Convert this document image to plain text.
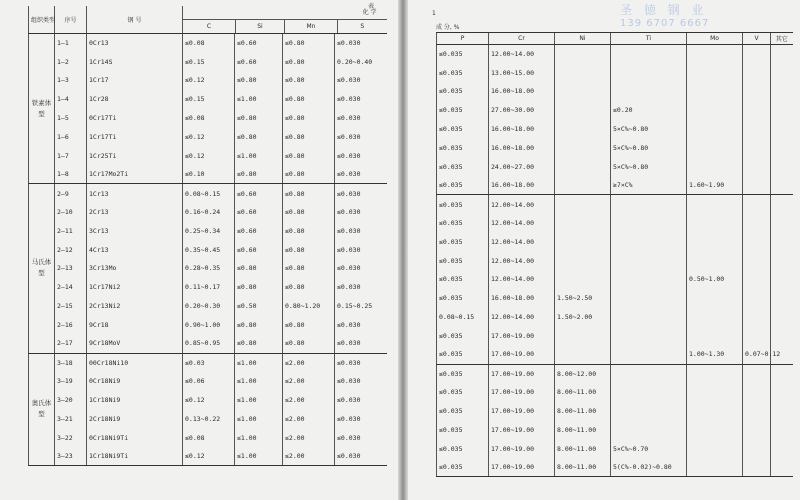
表
组织类型	序号	钢 号	化 学
C Si Mn S			

铁素体型	1—1	0Cr13	≤0.08	≤0.60	≤0.80	≤0.030
	1—2	1Cr14S	≤0.15	≤0.60	≤0.80	0.20~0.40
	1—3	1Cr17	≤0.12	≤0.80	≤0.80	≤0.030
	1—4	1Cr28	≤0.15	≤1.00	≤0.80	≤0.030
	1—5	0Cr17Ti	≤0.08	≤0.80	≤0.80	≤0.030
	1—6	1Cr17Ti	≤0.12	≤0.80	≤0.80	≤0.030
	1—7	1Cr25Ti	≤0.12	≤1.00	≤0.80	≤0.030
	1—8	1Cr17Mo2Ti	≤0.10	≤0.80	≤0.80	≤0.030
马氏体型	2—9	1Cr13	0.08~0.15	≤0.60	≤0.80	≤0.030
	2—10	2Cr13	0.16~0.24	≤0.60	≤0.80	≤0.030
	2—11	3Cr13	0.25~0.34	≤0.60	≤0.80	≤0.030
	2—12	4Cr13	0.35~0.45	≤0.60	≤0.80	≤0.030
	2—13	3Cr13Mo	0.28~0.35	≤0.80	≤0.80	≤0.030
	2—14	1Cr17Ni2	0.11~0.17	≤0.80	≤0.80	≤0.030
	2—15	2Cr13Ni2	0.20~0.30	≤0.50	0.80~1.20	0.15~0.25
	2—16	9Cr18	0.90~1.00	≤0.80	≤0.80	≤0.030
	2—17	9Cr18MoV	0.85~0.95	≤0.80	≤0.80	≤0.030
奥氏体型	3—18	00Cr18Ni10	≤0.03	≤1.00	≤2.00	≤0.030
	3—19	0Cr18Ni9	≤0.06	≤1.00	≤2.00	≤0.030
	3—20	1Cr18Ni9	≤0.12	≤1.00	≤2.00	≤0.030
	3—21	2Cr18Ni9	0.13~0.22	≤1.00	≤2.00	≤0.030
	3—22	0Cr18Ni9Ti	≤0.08	≤1.00	≤2.00	≤0.030
	3—23	1Cr18Ni9Ti	≤0.12	≤1.00	≤2.00	≤0.030
1
成 分, %
P	Cr	Ni	Ti	Mo	V	其它
≤0.035	12.00~14.00					
≤0.035	13.00~15.00					
≤0.035	16.00~18.00					
≤0.035	27.00~30.00		≤0.20			
≤0.035	16.00~18.00		5×C%~0.80			
≤0.035	16.00~18.00		5×C%~0.80			
≤0.035	24.00~27.00		5×C%~0.80			
≤0.035	16.00~18.00		≥7×C%	1.60~1.90		
≤0.035	12.00~14.00					
≤0.035	12.00~14.00					
≤0.035	12.00~14.00					
≤0.035	12.00~14.00					
≤0.035	12.00~14.00			0.50~1.00		
≤0.035	16.00~18.00	1.50~2.50				
0.08~0.15	12.00~14.00	1.50~2.00				
≤0.035	17.00~19.00					
≤0.035	17.00~19.00			1.00~1.30	0.07~0.12	
≤0.035	17.00~19.00	8.00~12.00				
≤0.035	17.00~19.00	8.00~11.00				
≤0.035	17.00~19.00	8.00~11.00				
≤0.035	17.00~19.00	8.00~11.00				
≤0.035	17.00~19.00	8.00~11.00	5×C%~0.70			
≤0.035	17.00~19.00	8.00~11.00	5(C%-0.02)~0.80			
圣 徳 钢 业
139 6707 6667
